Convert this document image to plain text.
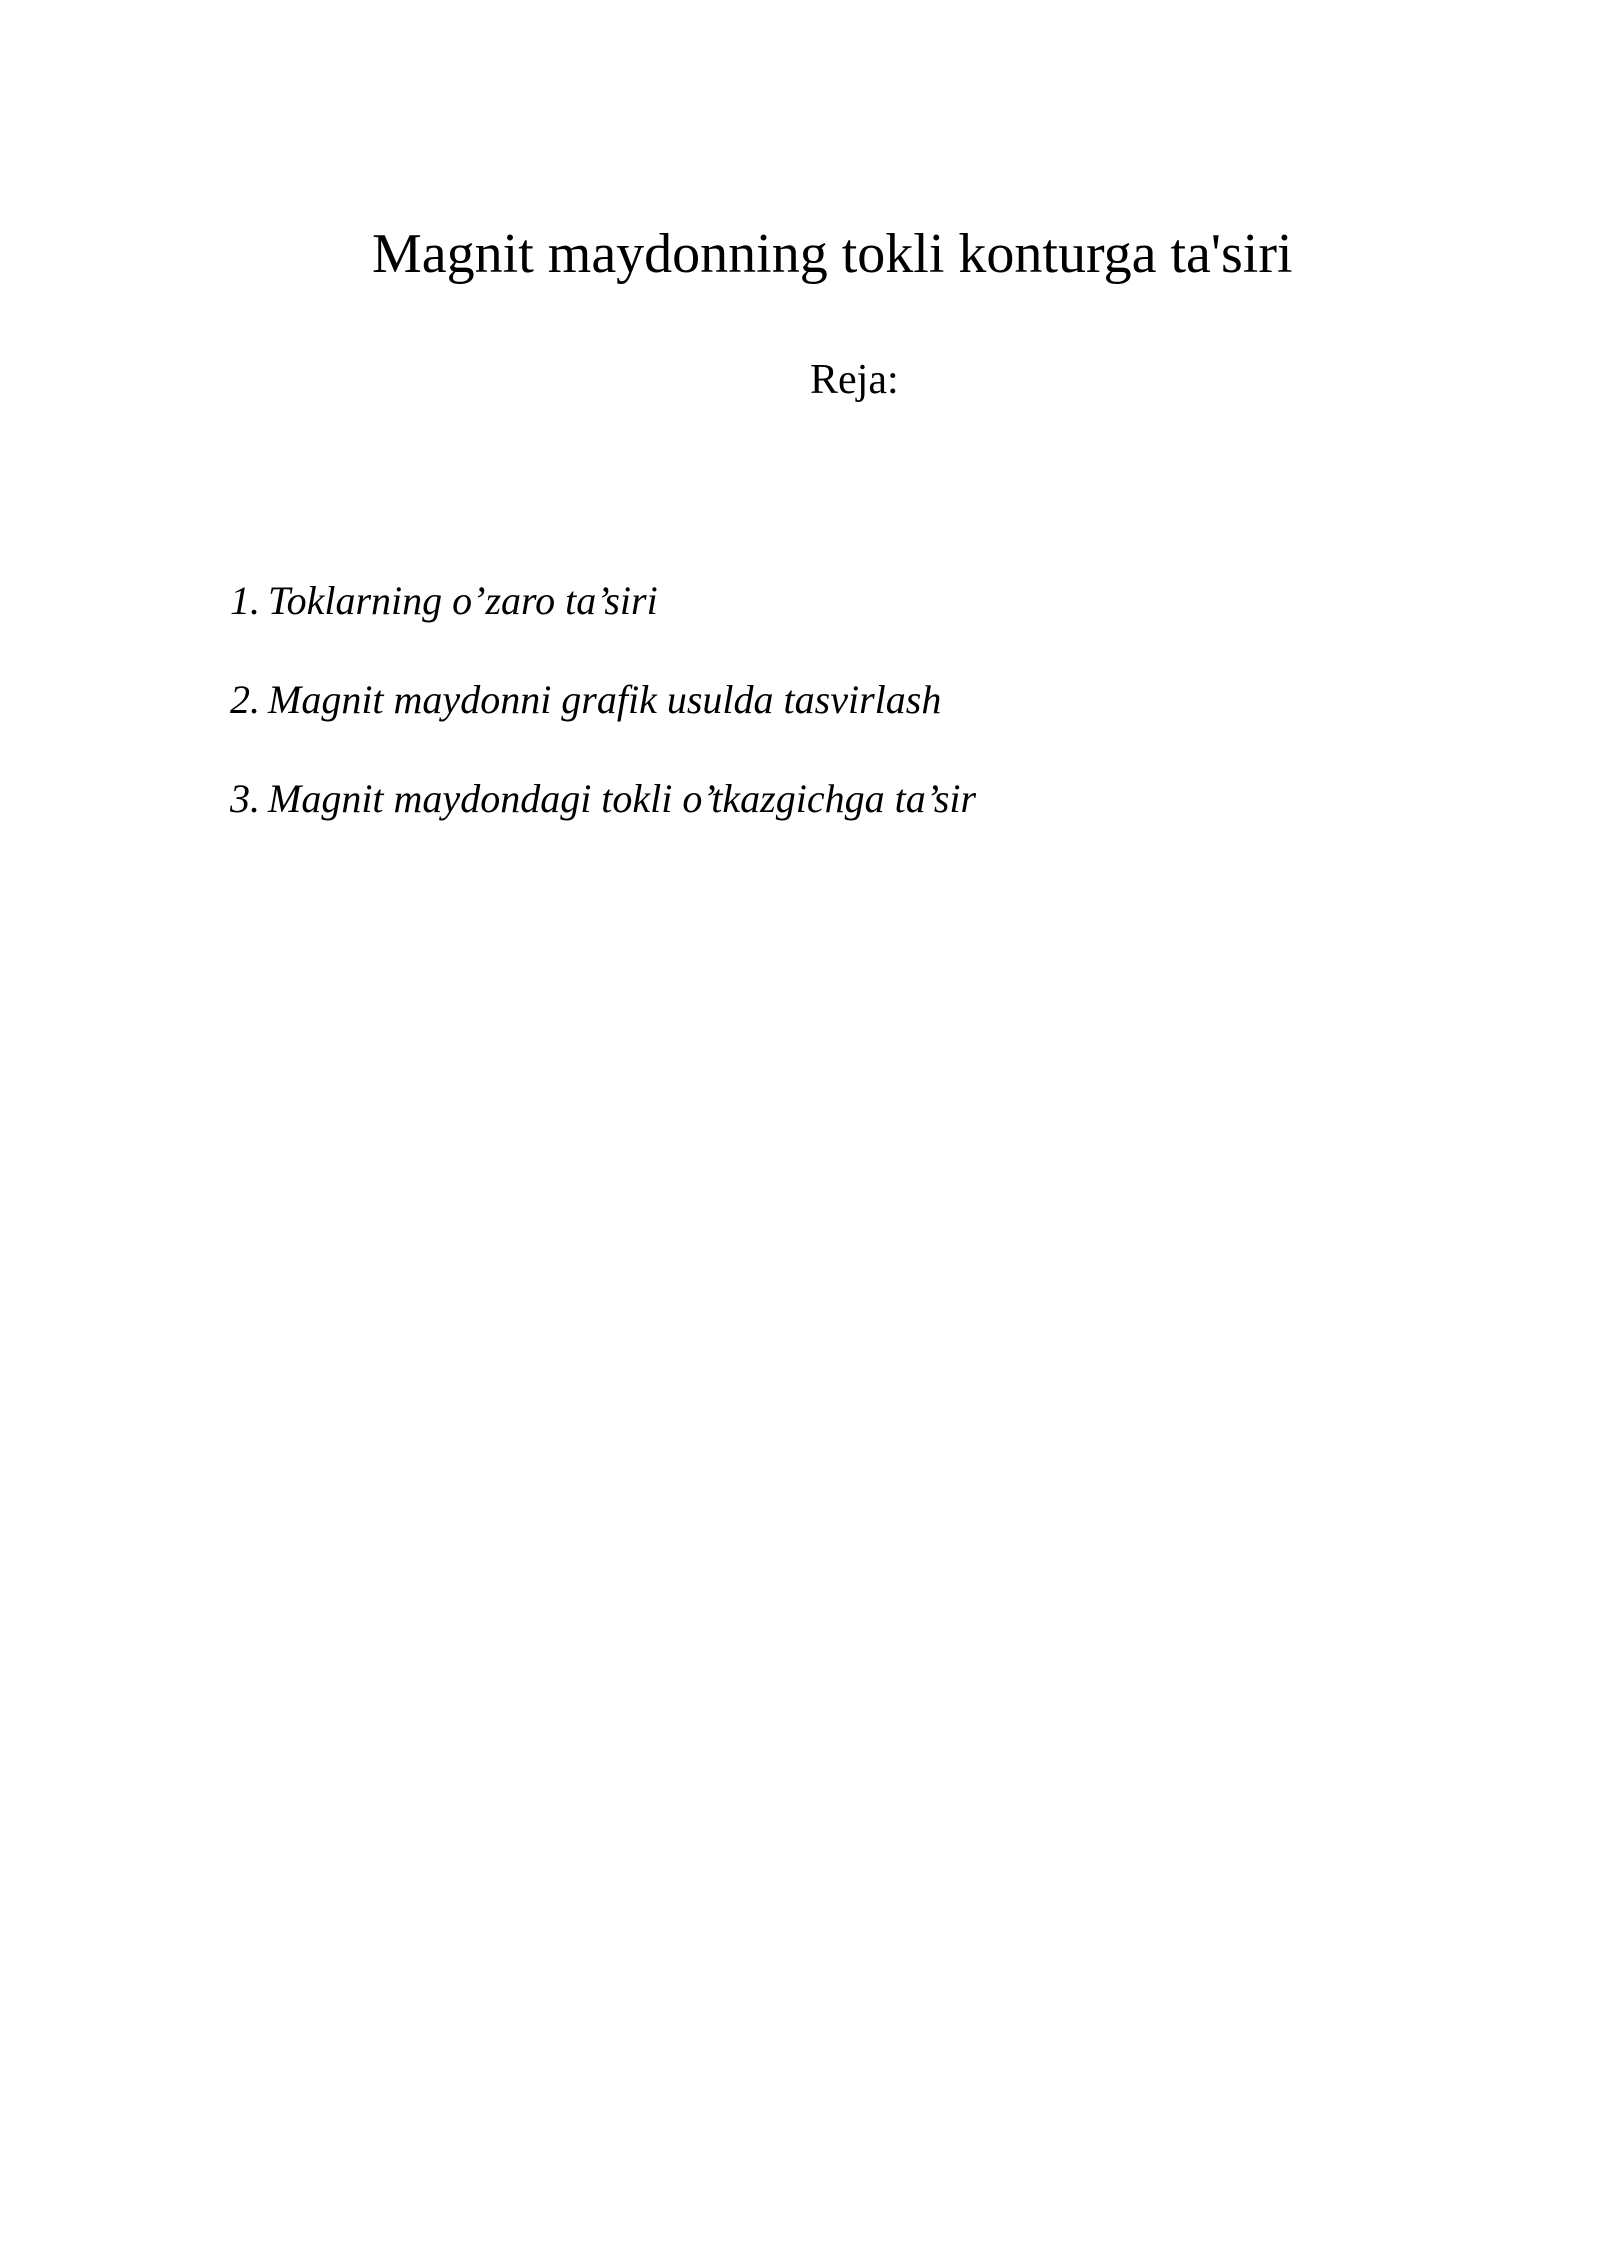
Magnit maydonning tokli konturga ta'siri
Reja:
1. Toklarning o’zaro ta’siri
2. Magnit maydonni grafik usulda tasvirlash
3. Magnit maydondagi tokli o’tkazgichga ta’sir
